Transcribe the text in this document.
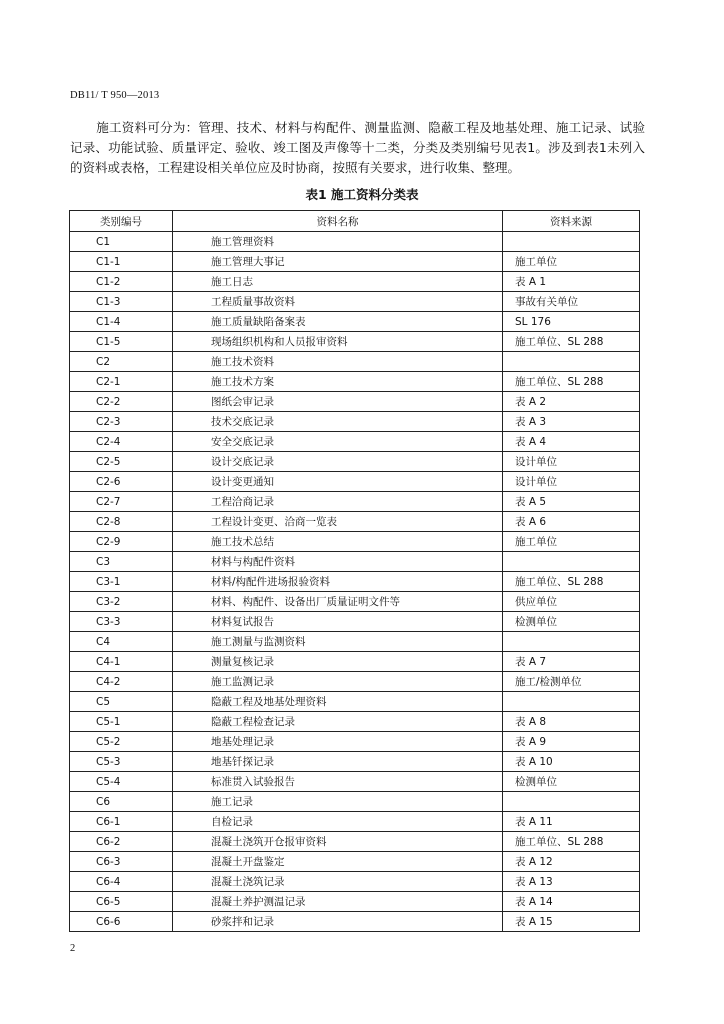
DB11/ T 950—2013
施工资料可分为：管理、技术、材料与构配件、测量监测、隐蔽工程及地基处理、施工记录、试验记录、功能试验、质量评定、验收、竣工图及声像等十二类，分类及类别编号见表1。涉及到表1未列入的资料或表格，工程建设相关单位应及时协商，按照有关要求，进行收集、整理。
表1 施工资料分类表
类别编号	资料名称	资料来源
C1	施工管理资料	
C1-1	施工管理大事记	施工单位
C1-2	施工日志	表 A 1
C1-3	工程质量事故资料	事故有关单位
C1-4	施工质量缺陷备案表	SL 176
C1-5	现场组织机构和人员报审资料	施工单位、SL 288
C2	施工技术资料	
C2-1	施工技术方案	施工单位、SL 288
C2-2	图纸会审记录	表 A 2
C2-3	技术交底记录	表 A 3
C2-4	安全交底记录	表 A 4
C2-5	设计交底记录	设计单位
C2-6	设计变更通知	设计单位
C2-7	工程洽商记录	表 A 5
C2-8	工程设计变更、洽商一览表	表 A 6
C2-9	施工技术总结	施工单位
C3	材料与构配件资料	
C3-1	材料/构配件进场报验资料	施工单位、SL 288
C3-2	材料、构配件、设备出厂质量证明文件等	供应单位
C3-3	材料复试报告	检测单位
C4	施工测量与监测资料	
C4-1	测量复核记录	表 A 7
C4-2	施工监测记录	施工/检测单位
C5	隐蔽工程及地基处理资料	
C5-1	隐蔽工程检查记录	表 A 8
C5-2	地基处理记录	表 A 9
C5-3	地基钎探记录	表 A 10
C5-4	标准贯入试验报告	检测单位
C6	施工记录	
C6-1	自检记录	表 A 11
C6-2	混凝土浇筑开仓报审资料	施工单位、SL 288
C6-3	混凝土开盘鉴定	表 A 12
C6-4	混凝土浇筑记录	表 A 13
C6-5	混凝土养护测温记录	表 A 14
C6-6	砂浆拌和记录	表 A 15
2
